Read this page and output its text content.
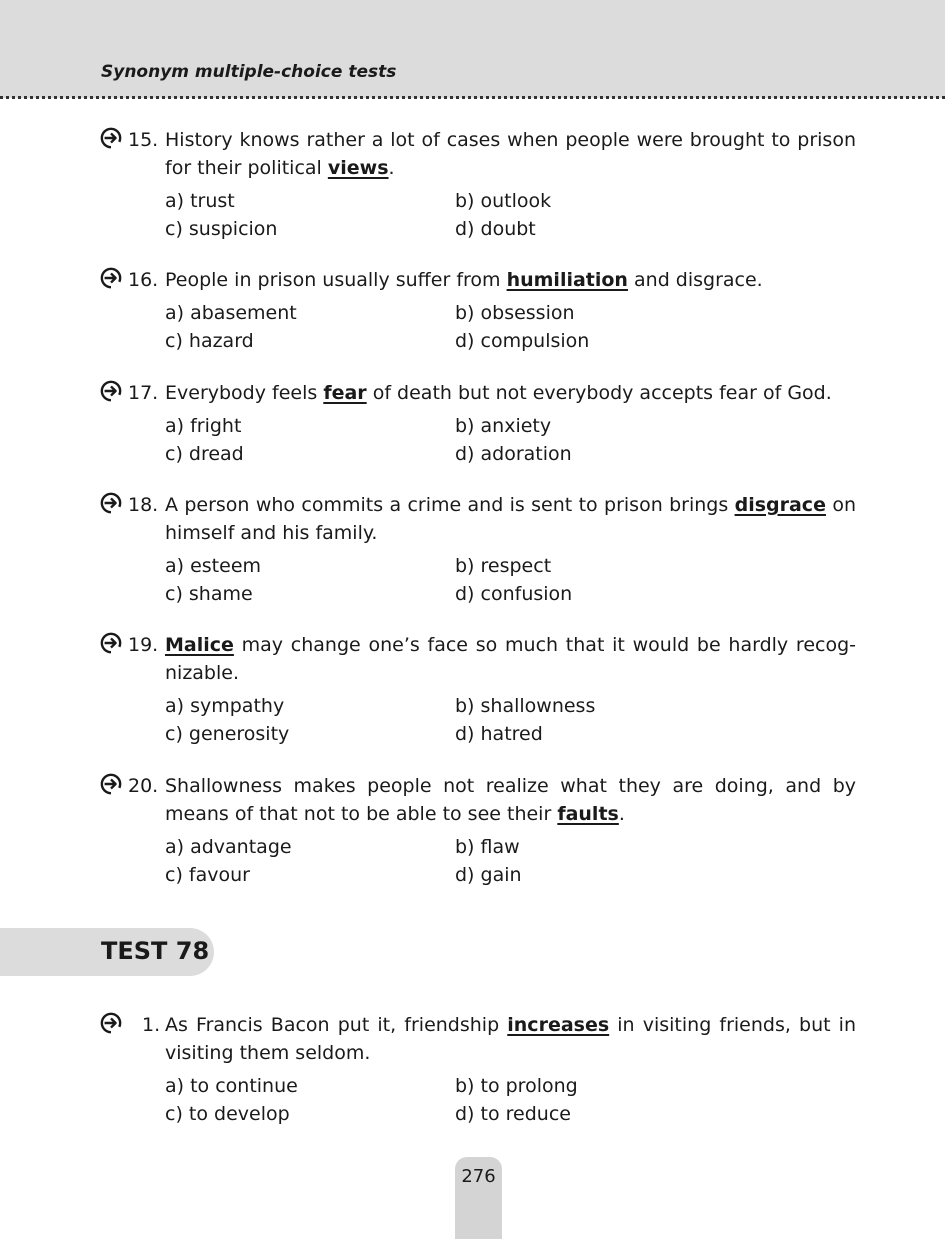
Synonym multiple-choice tests
15. History knows rather a lot of cases when people were brought to prison for their political views.
a) trust	b) outlook
c) suspicion	d) doubt
16. People in prison usually suffer from humiliation and disgrace.
a) abasement	b) obsession
c) hazard	d) compulsion
17. Everybody feels fear of death but not everybody accepts fear of God.
a) fright	b) anxiety
c) dread	d) adoration
18. A person who commits a crime and is sent to prison brings disgrace on himself and his family.
a) esteem	b) respect
c) shame	d) confusion
19. Malice may change one’s face so much that it would be hardly recog-nizable.
a) sympathy	b) shallowness
c) generosity	d) hatred
20. Shallowness makes people not realize what they are doing, and by means of that not to be able to see their faults.
a) advantage	b) flaw
c) favour	d) gain
TEST 78
1. As Francis Bacon put it, friendship increases in visiting friends, but in visiting them seldom.
a) to continue	b) to prolong
c) to develop	d) to reduce
276
